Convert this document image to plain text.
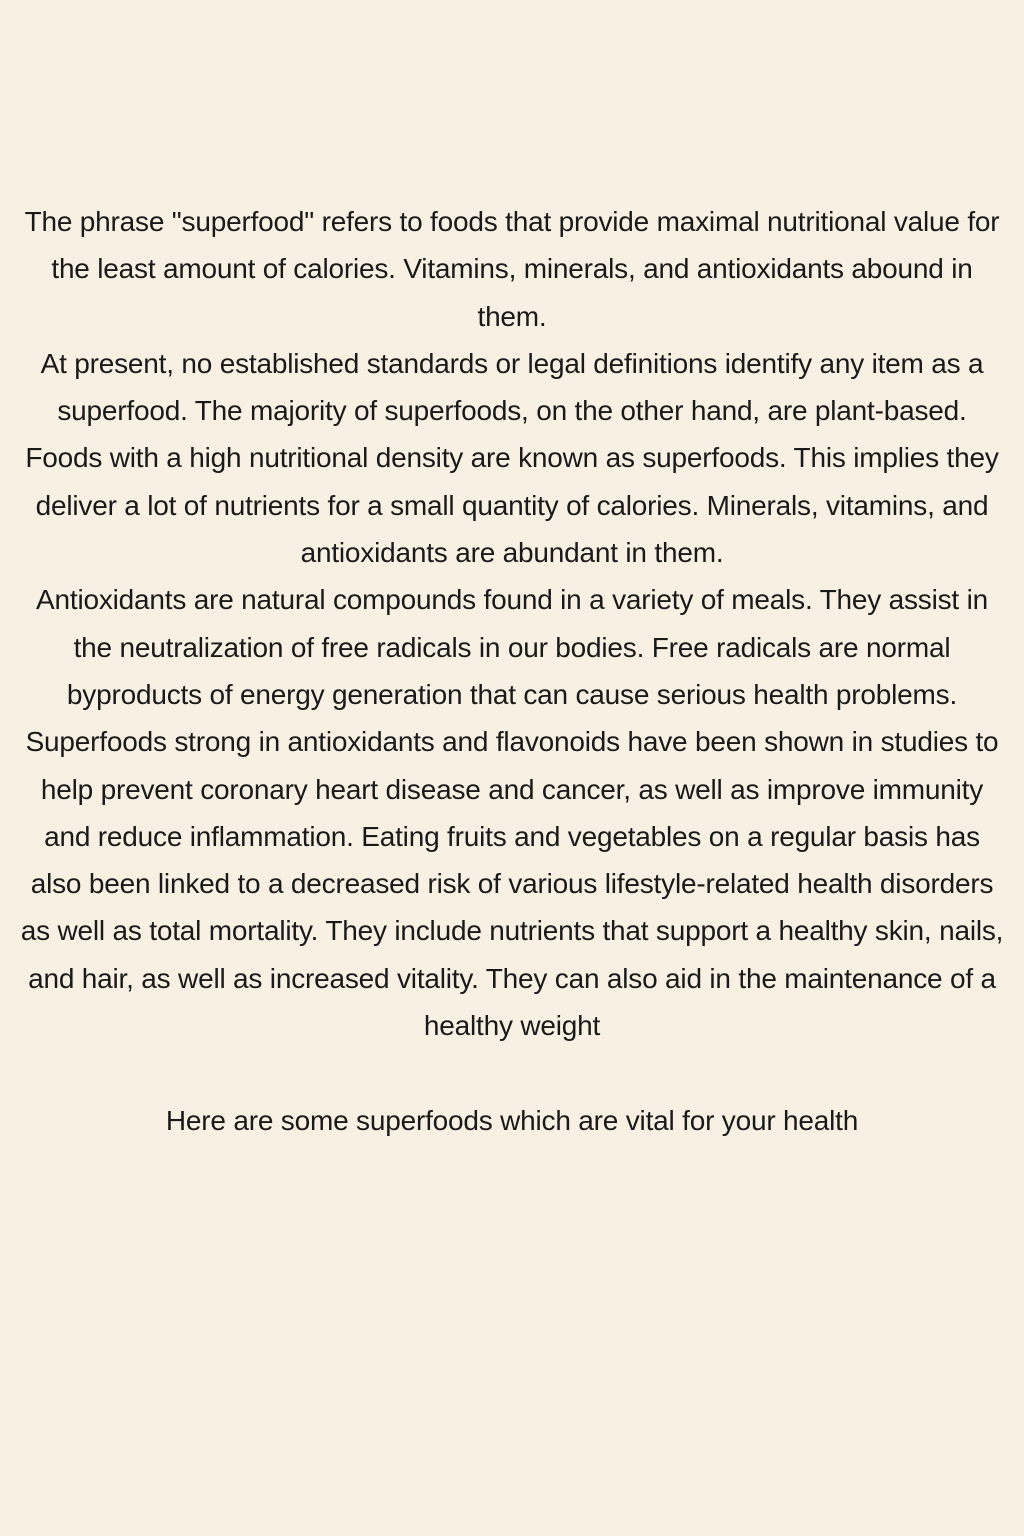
The phrase "superfood" refers to foods that provide maximal nutritional value for the least amount of calories. Vitamins, minerals, and antioxidants abound in them.

At present, no established standards or legal definitions identify any item as a superfood. The majority of superfoods, on the other hand, are plant-based.

Foods with a high nutritional density are known as superfoods. This implies they deliver a lot of nutrients for a small quantity of calories. Minerals, vitamins, and antioxidants are abundant in them.

Antioxidants are natural compounds found in a variety of meals. They assist in the neutralization of free radicals in our bodies. Free radicals are normal byproducts of energy generation that can cause serious health problems.

Superfoods strong in antioxidants and flavonoids have been shown in studies to help prevent coronary heart disease and cancer, as well as improve immunity and reduce inflammation. Eating fruits and vegetables on a regular basis has also been linked to a decreased risk of various lifestyle-related health disorders as well as total mortality. They include nutrients that support a healthy skin, nails, and hair, as well as increased vitality. They can also aid in the maintenance of a healthy weight

Here are some superfoods which are vital for your health
